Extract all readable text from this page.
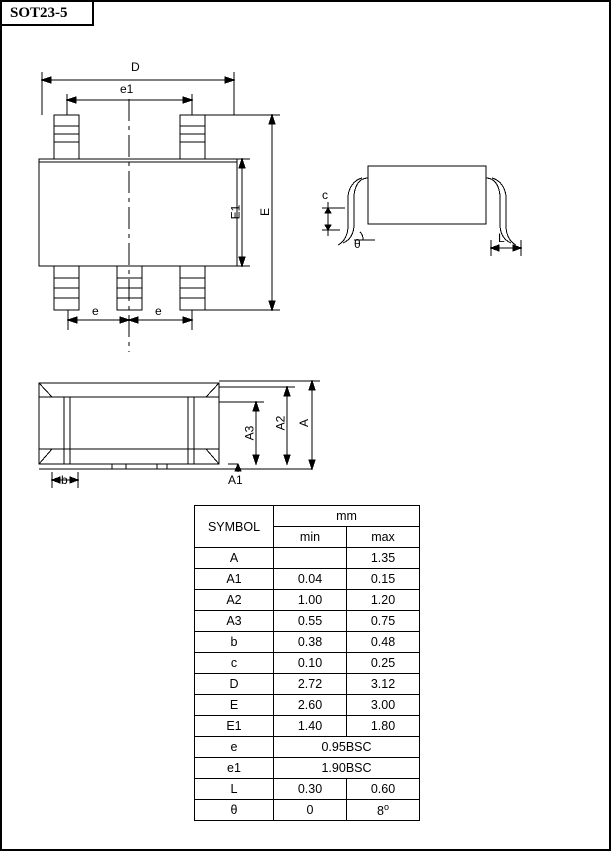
SOT23-5
D
e1
E1 E
e	e
c
θ	L
A3
A2 A
A1
b
SYMBOL	mm	
	min	max
A		1.35
A1	0.04	0.15
A2	1.00	1.20
A3	0.55	0.75
b	0.38	0.48
c	0.10	0.25
D	2.72	3.12
E	2.60	3.00
E1	1.40	1.80
e	0.95BSC	
e1	1.90BSC	
L	0.30	0.60
θ	0	8$^o$
